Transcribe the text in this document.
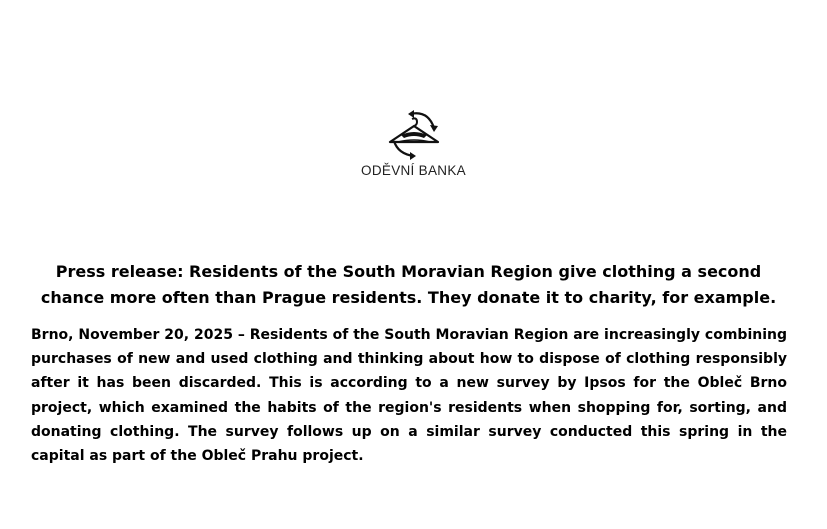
ODĚVNÍ BANKA
Press release: Residents of the South Moravian Region give clothing a second chance more often than Prague residents. They donate it to charity, for example.

Brno, November 20, 2025 – Residents of the South Moravian Region are increasingly combining purchases of new and used clothing and thinking about how to dispose of clothing responsibly after it has been discarded. This is according to a new survey by Ipsos for the Obleč Brno project, which examined the habits of the region's residents when shopping for, sorting, and donating clothing. The survey follows up on a similar survey conducted this spring in the capital as part of the Obleč Prahu project.
